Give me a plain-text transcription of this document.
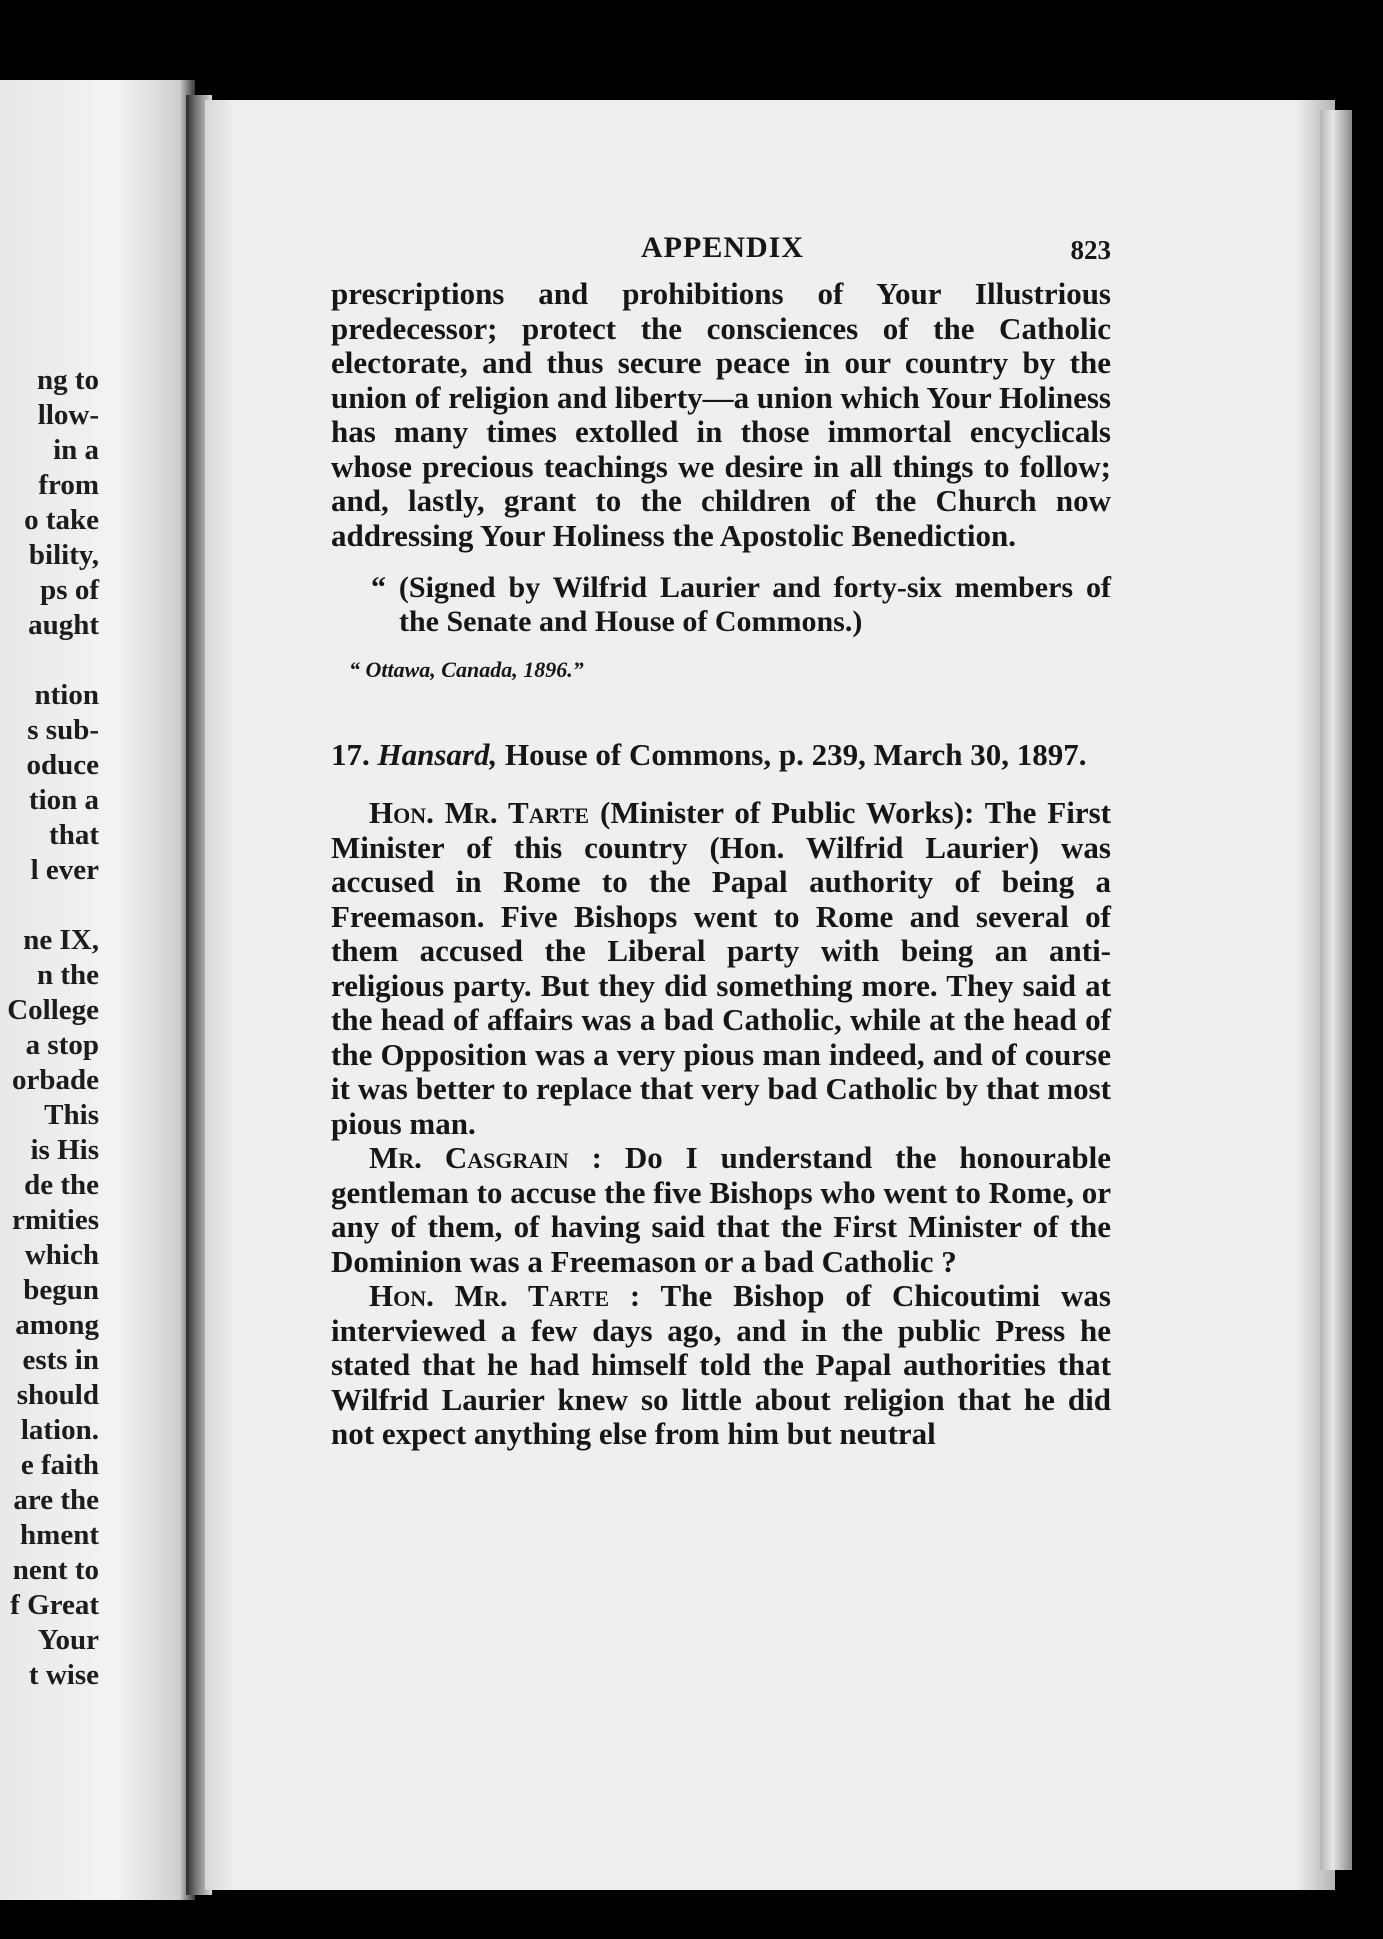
ng to
llow-
in a
from
o take
bility,
ps of
aught
ntion
s sub-
oduce
tion a
that
l ever
ne IX,
n the
College
a stop
orbade
This
is His
de the
rmities
which
begun
among
ests in
should
lation.
e faith
are the
hment
nent to
f Great
Your
t wise
APPENDIX	823

prescriptions and prohibitions of Your Illustrious predecessor; protect the consciences of the Catholic electorate, and thus secure peace in our country by the union of religion and liberty—a union which Your Holiness has many times extolled in those immortal encyclicals whose precious teachings we desire in all things to follow; and, lastly, grant to the children of the Church now addressing Your Holiness the Apostolic Benediction.

“ (Signed by Wilfrid Laurier and forty-six members of the Senate and House of Commons.)

“ Ottawa, Canada, 1896.”

17. Hansard, House of Commons, p. 239, March 30, 1897.

Hon. Mr. Tarte (Minister of Public Works): The First Minister of this country (Hon. Wilfrid Laurier) was accused in Rome to the Papal authority of being a Freemason. Five Bishops went to Rome and several of them accused the Liberal party with being an anti-religious party. But they did something more. They said at the head of affairs was a bad Catholic, while at the head of the Opposition was a very pious man indeed, and of course it was better to replace that very bad Catholic by that most pious man.

Mr. Casgrain : Do I understand the honourable gentleman to accuse the five Bishops who went to Rome, or any of them, of having said that the First Minister of the Dominion was a Freemason or a bad Catholic ?

Hon. Mr. Tarte : The Bishop of Chicoutimi was interviewed a few days ago, and in the public Press he stated that he had himself told the Papal authorities that Wilfrid Laurier knew so little about religion that he did not expect anything else from him but neutral
